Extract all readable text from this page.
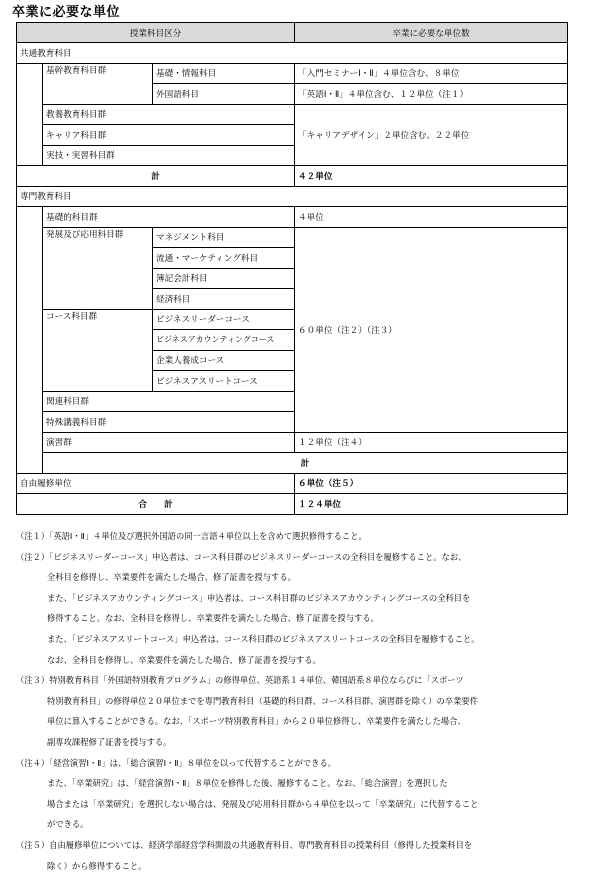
卒業に必要な単位
授業科目区分			卒業に必要な単位数	
共通教育科目				
	基幹教育科目群	基礎・情報科目	「入門セミナーⅠ・Ⅱ」４単位含む、８単位	
		外国語科目	「英語Ⅰ・Ⅱ」４単位含む、１２単位（注１）	
	教養教育科目群		「キャリアデザイン」２単位含む、２２単位	
	キャリア科目群			
	実技・実習科目群			
計			４２単位	
専門教育科目				
	基礎的科目群		４単位	
	発展及び応用科目群	マネジメント科目	６０単位（注２）（注３）	
		流通・マーケティング科目		
		簿記会計科目		
		経済科目		
	コース科目群	ビジネスリーダーコース		
		ビジネスアカウンティングコース		
		企業人養成コース		
		ビジネスアスリートコース		
	関連科目群			
	特殊講義科目群			
	演習群		１２単位（注４）	
	計	
自由履修単位			６単位（注５）	
合　　計			１２４単位	
（注１）「英語Ⅰ・Ⅱ」４単位及び選択外国語の同一言語４単位以上を含めて選択修得すること。
（注２）「ビジネスリーダーコース」申込者は、コース科目群のビジネスリーダーコースの全科目を履修すること。なお、
全科目を修得し、卒業要件を満たした場合、修了証書を授与する。
また、「ビジネスアカウンティングコース」申込者は、コース科目群のビジネスアカウンティングコースの全科目を
修得すること。なお、全科目を修得し、卒業要件を満たした場合、修了証書を授与する。
また、「ビジネスアスリートコース」申込者は、コース科目群のビジネスアスリートコースの全科目を履修すること。
なお、全科目を修得し、卒業要件を満たした場合、修了証書を授与する。
（注３）特別教育科目「外国語特別教育プログラム」の修得単位、英語系１４単位、韓国語系８単位ならびに「スポーツ
特別教育科目」の修得単位２０単位までを専門教育科目（基礎的科目群、コース科目群、演習群を除く）の卒業要件
単位に算入することができる。なお、「スポーツ特別教育科目」から２０単位修得し、卒業要件を満たした場合、
副専攻課程修了証書を授与する。
（注４）「経営演習Ⅰ・Ⅱ」は、「総合演習Ⅰ・Ⅱ」８単位を以って代替することができる。
また、「卒業研究」は、「経営演習Ⅰ・Ⅱ」８単位を修得した後、履修すること。なお、「総合演習」を選択した
場合または「卒業研究」を選択しない場合は、発展及び応用科目群から４単位を以って「卒業研究」に代替すること
ができる。
（注５）自由履修単位については、経済学部経営学科開設の共通教育科目、専門教育科目の授業科目（修得した授業科目を
除く）から修得すること。
